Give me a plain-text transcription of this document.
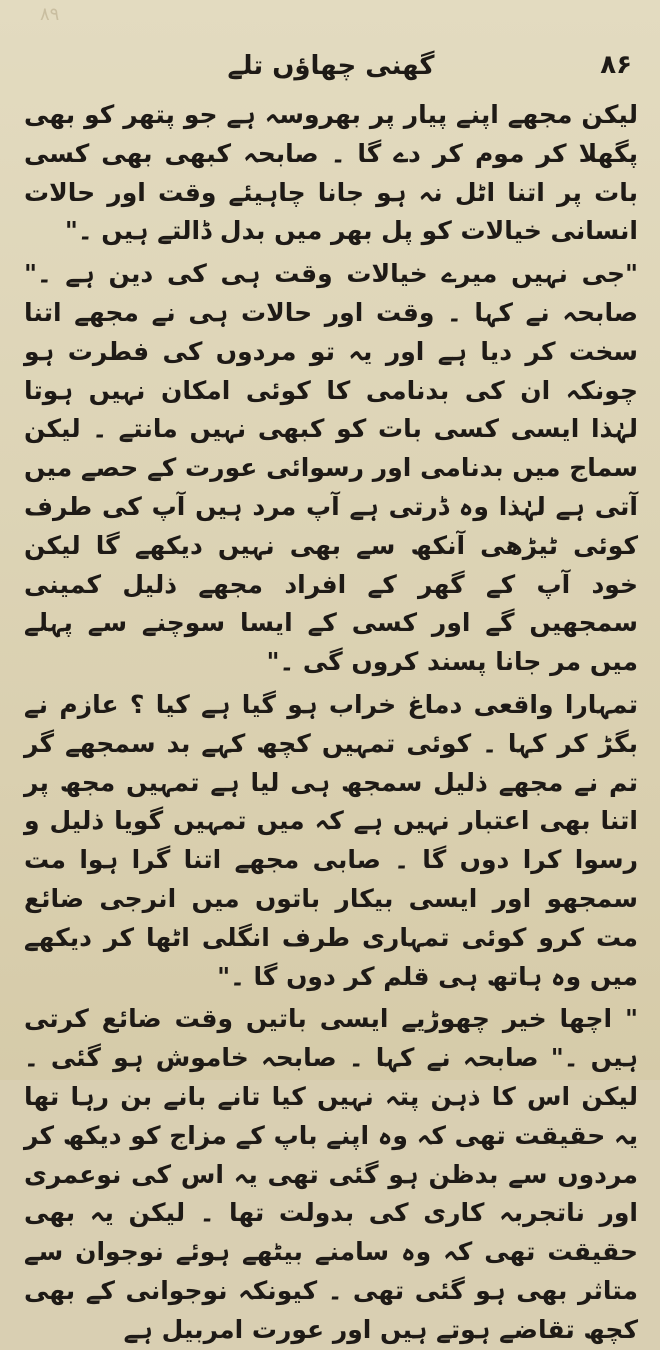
۸۹
گھنی چھاؤں تلے	۸۶

لیکن مجھے اپنے پیار پر بھروسہ ہے جو پتھر کو بھی پگھلا کر موم کر دے گا ۔ صابحہ کبھی بھی کسی بات پر اتنا اٹل نہ ہو جانا چاہیئے وقت اور حالات انسانی خیالات کو پل بھر میں بدل ڈالتے ہیں ۔"

"جی نہیں میرے خیالات وقت ہی کی دین ہے ۔" صابحہ نے کہا ۔ وقت اور حالات ہی نے مجھے اتنا سخت کر دیا ہے اور یہ تو مردوں کی فطرت ہو چونکہ ان کی بدنامی کا کوئی امکان نہیں ہوتا لہٰذا ایسی کسی بات کو کبھی نہیں مانتے ۔ لیکن سماج میں بدنامی اور رسوائی عورت کے حصے میں آتی ہے لہٰذا وہ ڈرتی ہے آپ مرد ہیں آپ کی طرف کوئی ٹیڑھی آنکھ سے بھی نہیں دیکھے گا لیکن خود آپ کے گھر کے افراد مجھے ذلیل کمینی سمجھیں گے اور کسی کے ایسا سوچنے سے پہلے میں مر جانا پسند کروں گی ۔"

تمہارا واقعی دماغ خراب ہو گیا ہے کیا ؟ عازم نے بگڑ کر کہا ۔ کوئی تمہیں کچھ کہے بد سمجھے گر تم نے مجھے ذلیل سمجھ ہی لیا ہے تمہیں مجھ پر اتنا بھی اعتبار نہیں ہے کہ میں تمہیں گویا ذلیل و رسوا کرا دوں گا ۔ صابی مجھے اتنا گرا ہوا مت سمجھو اور ایسی بیکار باتوں میں انرجی ضائع مت کرو کوئی تمہاری طرف انگلی اٹھا کر دیکھے میں وہ ہاتھ ہی قلم کر دوں گا ۔"

" اچھا خیر چھوڑیے ایسی باتیں وقت ضائع کرتی ہیں ۔" صابحہ نے کہا ۔ صابحہ خاموش ہو گئی ۔ لیکن اس کا ذہن پتہ نہیں کیا تانے بانے بن رہا تھا یہ حقیقت تھی کہ وہ اپنے باپ کے مزاج کو دیکھ کر مردوں سے بدظن ہو گئی تھی یہ اس کی نوعمری اور ناتجربہ کاری کی بدولت تھا ۔ لیکن یہ بھی حقیقت تھی کہ وہ سامنے بیٹھے ہوئے نوجوان سے متاثر بھی ہو گئی تھی ۔ کیونکہ نوجوانی کے بھی کچھ تقاضے ہوتے ہیں اور عورت امربیل ہے
